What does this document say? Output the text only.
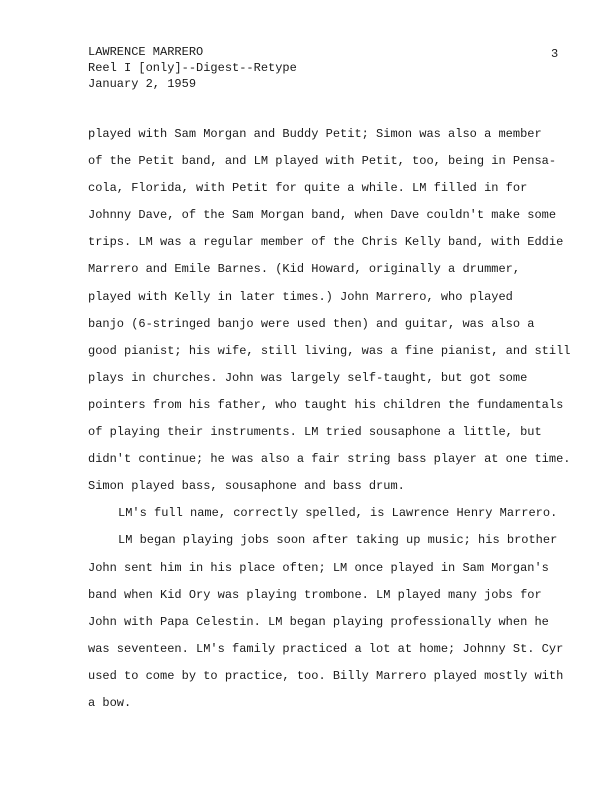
LAWRENCE MARRERO
Reel I [only]--Digest--Retype
January 2, 1959
3
played with Sam Morgan and Buddy Petit; Simon was also a member
of the Petit band, and LM played with Petit, too, being in Pensa-
cola, Florida, with Petit for quite a while. LM filled in for
Johnny Dave, of the Sam Morgan band, when Dave couldn't make some
trips. LM was a regular member of the Chris Kelly band, with Eddie
Marrero and Emile Barnes. (Kid Howard, originally a drummer,
played with Kelly in later times.) John Marrero, who played
banjo (6-stringed banjo were used then) and guitar, was also a
good pianist; his wife, still living, was a fine pianist, and still
plays in churches. John was largely self-taught, but got some
pointers from his father, who taught his children the fundamentals
of playing their instruments. LM tried sousaphone a little, but
didn't continue; he was also a fair string bass player at one time.
Simon played bass, sousaphone and bass drum.
LM's full name, correctly spelled, is Lawrence Henry Marrero.
LM began playing jobs soon after taking up music; his brother
John sent him in his place often; LM once played in Sam Morgan's
band when Kid Ory was playing trombone. LM played many jobs for
John with Papa Celestin. LM began playing professionally when he
was seventeen. LM's family practiced a lot at home; Johnny St. Cyr
used to come by to practice, too. Billy Marrero played mostly with
a bow.
